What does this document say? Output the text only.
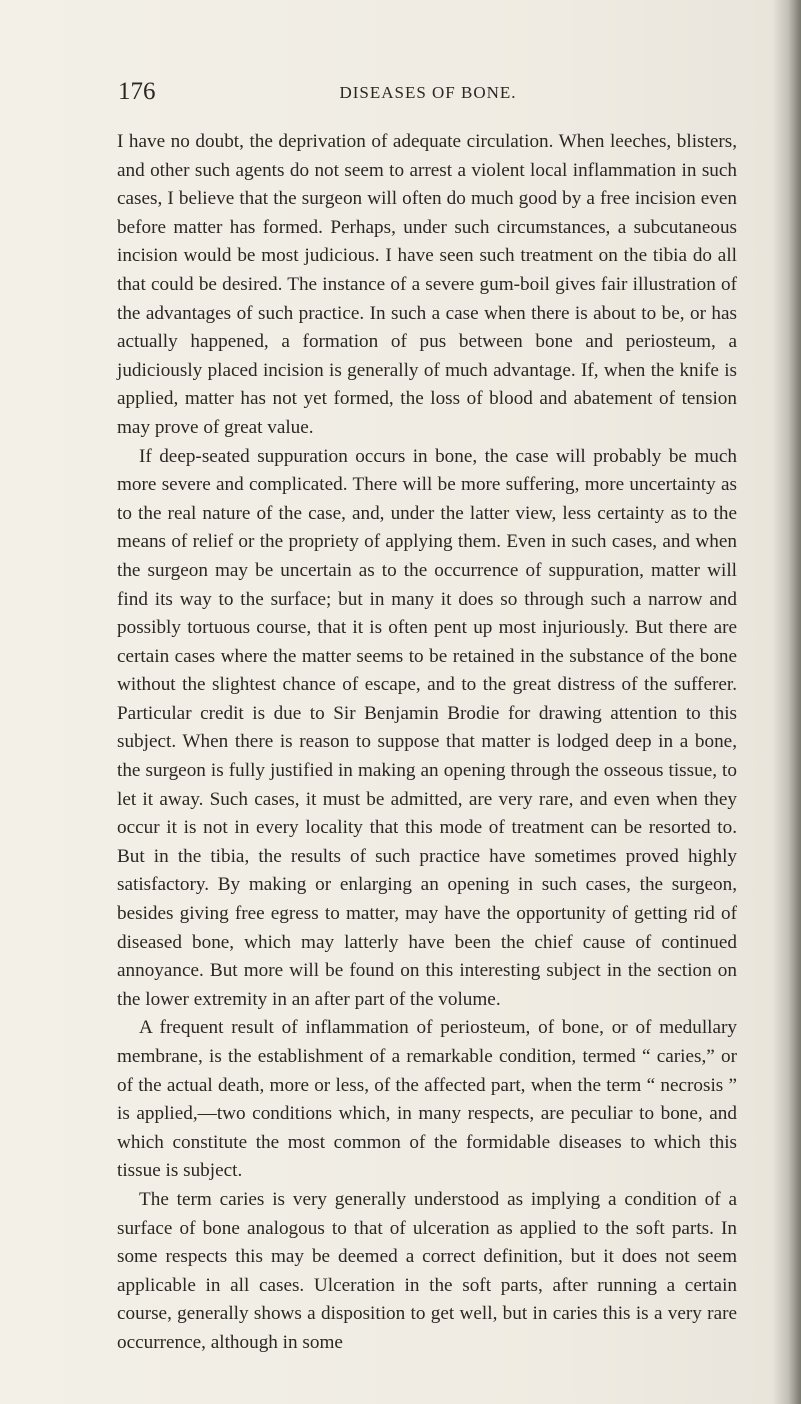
176	DISEASES OF BONE.

I have no doubt, the deprivation of adequate circulation. When leeches, blisters, and other such agents do not seem to arrest a violent local inflammation in such cases, I believe that the surgeon will often do much good by a free incision even before matter has formed. Perhaps, under such circumstances, a subcutaneous incision would be most judicious. I have seen such treatment on the tibia do all that could be desired. The instance of a severe gum-boil gives fair illustration of the advantages of such practice. In such a case when there is about to be, or has actually happened, a formation of pus between bone and periosteum, a judiciously placed incision is generally of much advantage. If, when the knife is applied, matter has not yet formed, the loss of blood and abatement of tension may prove of great value.

If deep-seated suppuration occurs in bone, the case will probably be much more severe and complicated. There will be more suffering, more uncertainty as to the real nature of the case, and, under the latter view, less certainty as to the means of relief or the propriety of applying them. Even in such cases, and when the surgeon may be uncertain as to the occurrence of suppuration, matter will find its way to the surface; but in many it does so through such a narrow and possibly tortuous course, that it is often pent up most injuriously. But there are certain cases where the matter seems to be retained in the substance of the bone without the slightest chance of escape, and to the great distress of the sufferer. Particular credit is due to Sir Benjamin Brodie for drawing attention to this subject. When there is reason to suppose that matter is lodged deep in a bone, the surgeon is fully justified in making an opening through the osseous tissue, to let it away. Such cases, it must be admitted, are very rare, and even when they occur it is not in every locality that this mode of treatment can be resorted to. But in the tibia, the results of such practice have sometimes proved highly satisfactory. By making or enlarging an opening in such cases, the surgeon, besides giving free egress to matter, may have the opportunity of getting rid of diseased bone, which may latterly have been the chief cause of continued annoyance. But more will be found on this interesting subject in the section on the lower extremity in an after part of the volume.

A frequent result of inflammation of periosteum, of bone, or of medullary membrane, is the establishment of a remarkable condition, termed “ caries,” or of the actual death, more or less, of the affected part, when the term “ necrosis ” is applied,—two conditions which, in many respects, are peculiar to bone, and which constitute the most common of the formidable diseases to which this tissue is subject.

The term caries is very generally understood as implying a condition of a surface of bone analogous to that of ulceration as applied to the soft parts. In some respects this may be deemed a correct definition, but it does not seem applicable in all cases. Ulceration in the soft parts, after running a certain course, generally shows a disposition to get well, but in caries this is a very rare occurrence, although in some
